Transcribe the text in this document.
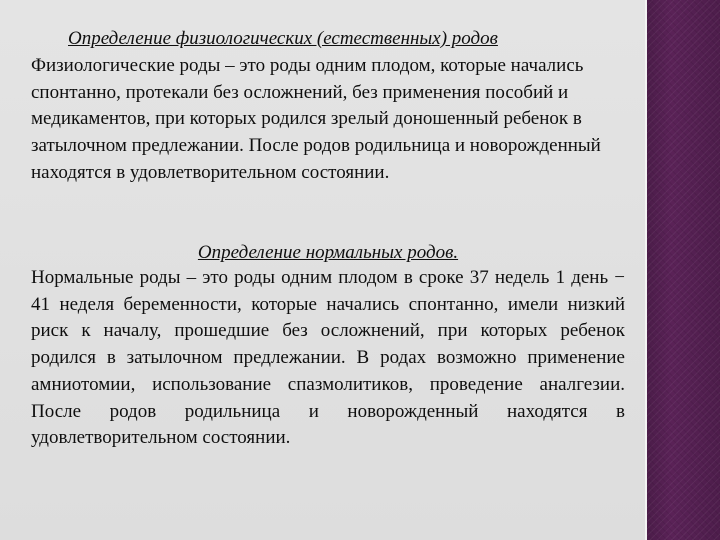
Определение физиологических (естественных) родов

Физиологические роды – это роды одним плодом, которые начались спонтанно, протекали без осложнений, без применения пособий и медикаментов, при которых родился зрелый доношенный ребенок в затылочном предлежании. После родов родильница и новорожденный находятся в удовлетворительном состоянии.

Определение нормальных родов.

Нормальные роды – это роды одним плодом в сроке 37 недель 1 день − 41 неделя беременности, которые начались спонтанно, имели низкий риск к началу, прошедшие без осложнений, при которых ребенок родился в затылочном предлежании. В родах возможно применение амниотомии, использование спазмолитиков, проведение аналгезии. После родов родильница и новорожденный находятся в удовлетворительном состоянии.
